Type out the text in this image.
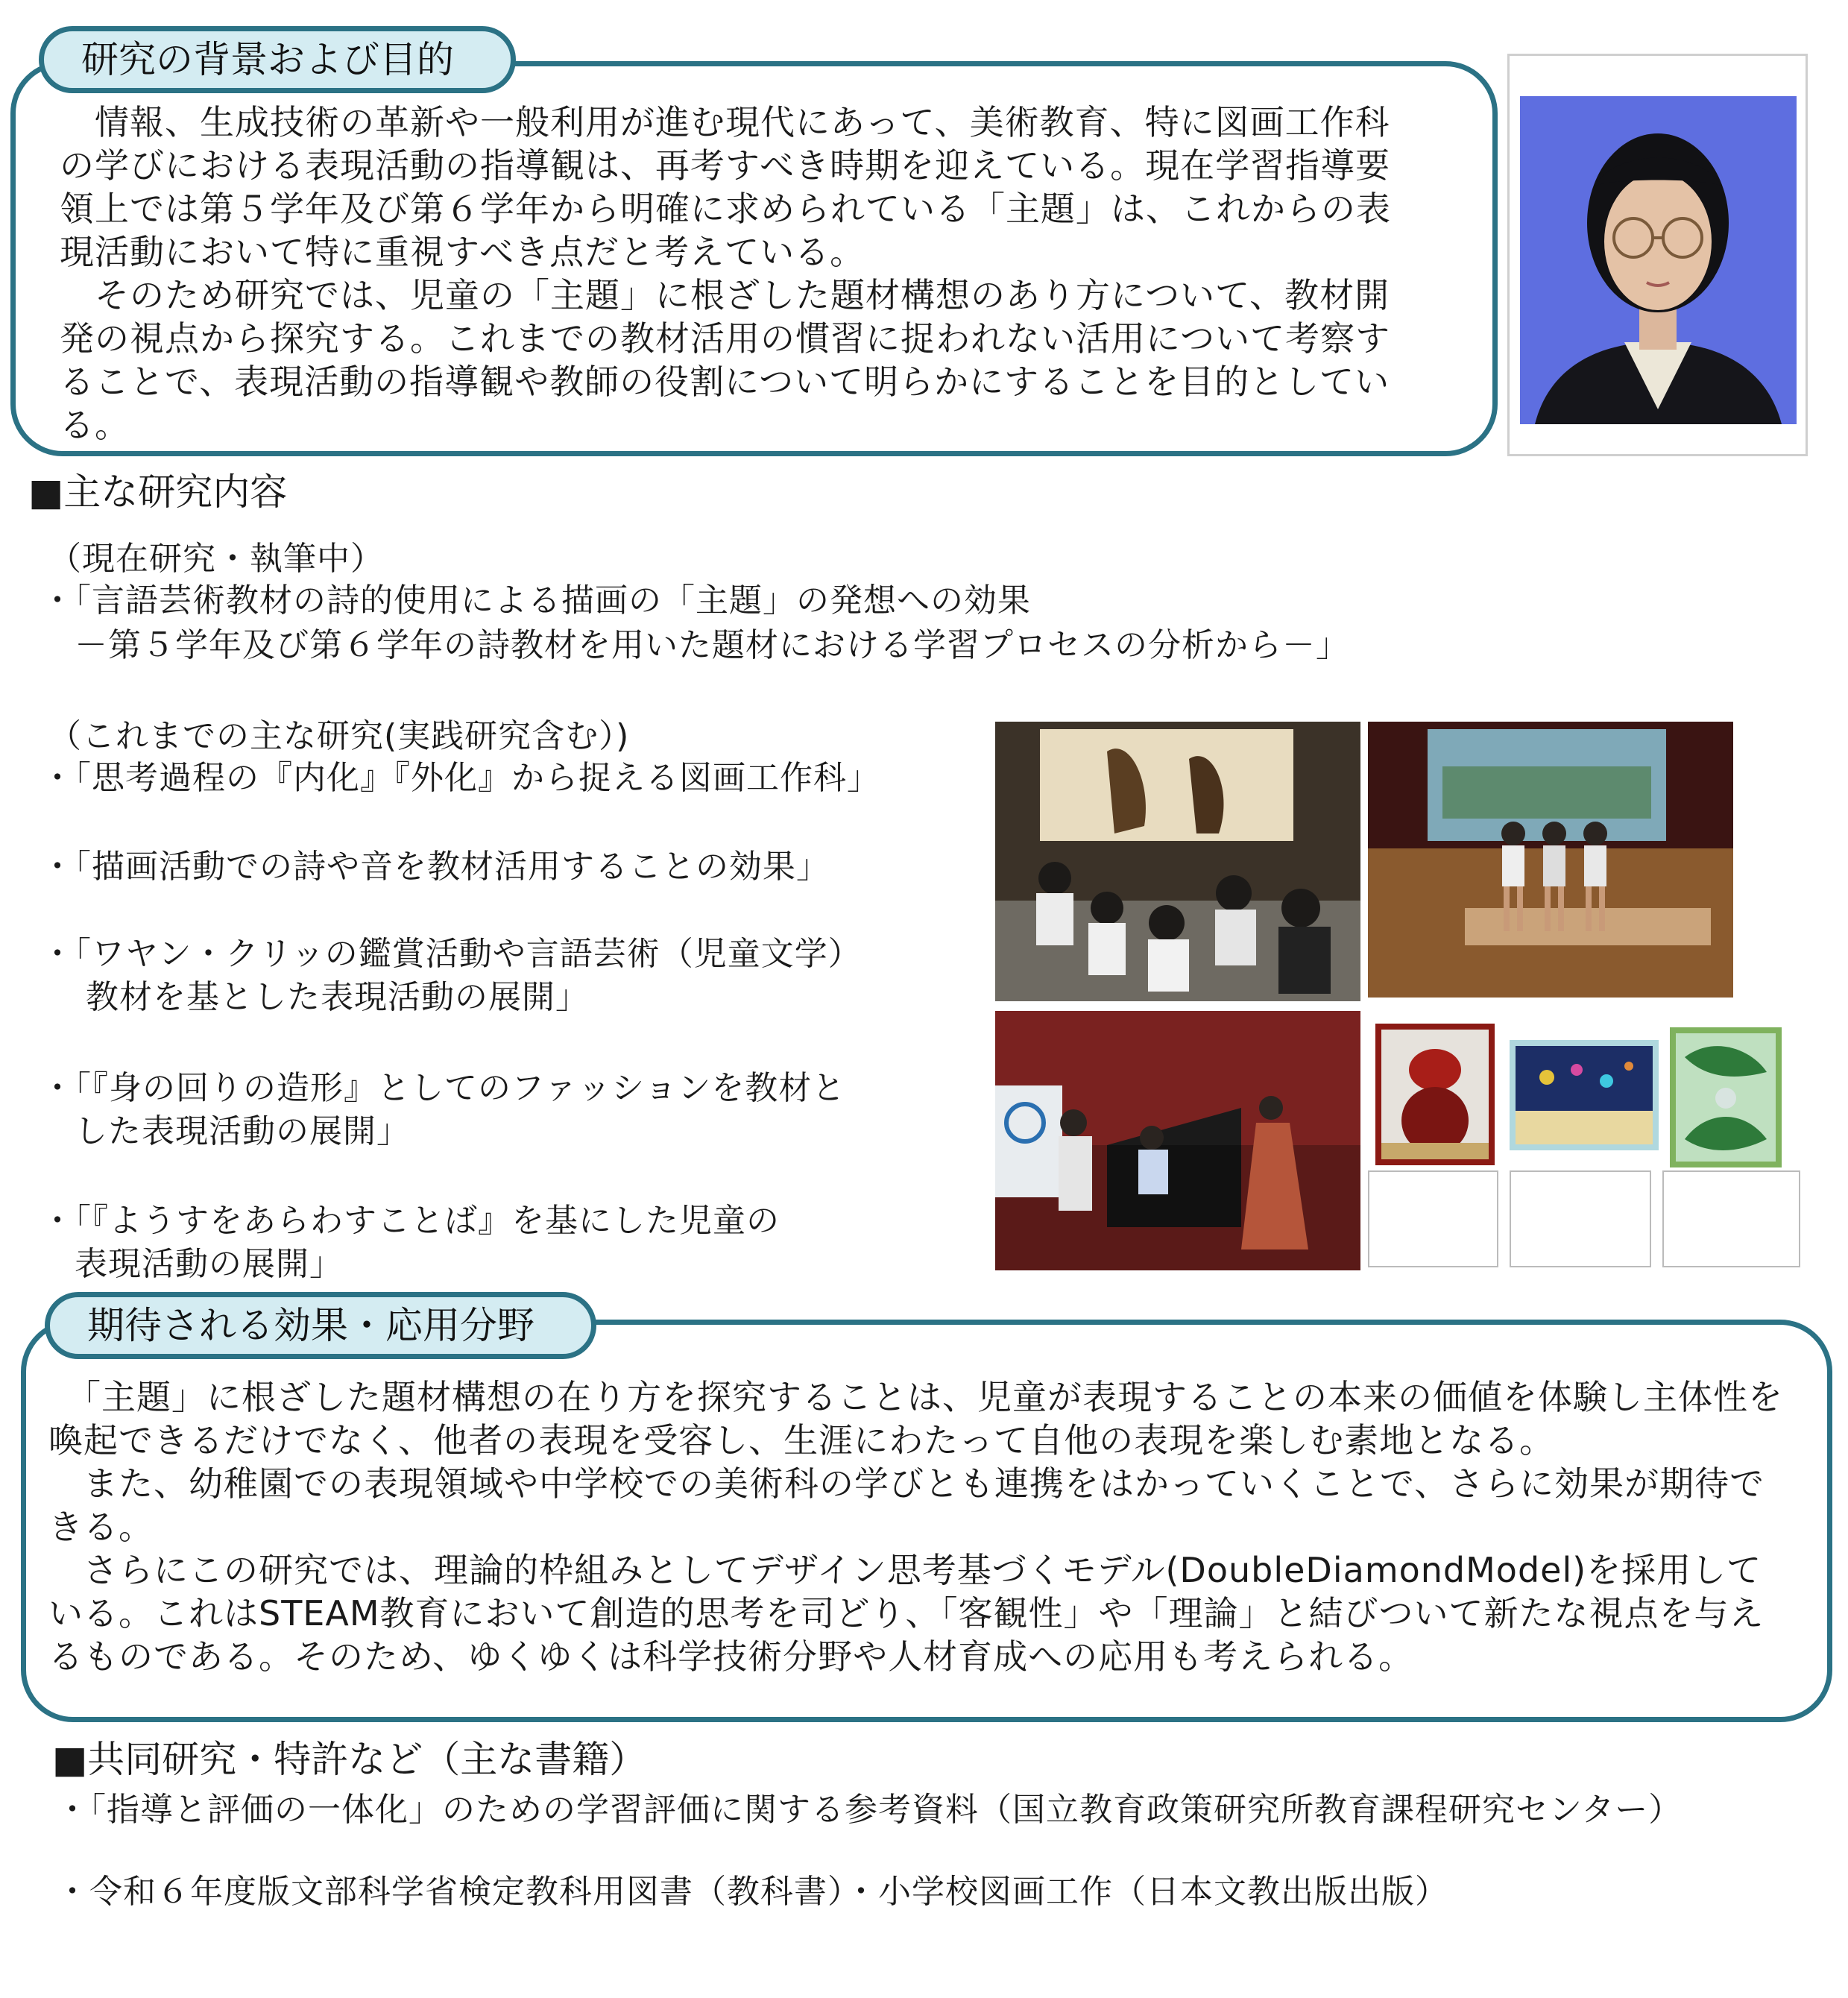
研究の背景および目的

　情報、生成技術の革新や一般利用が進む現代にあって、美術教育、特に図画工作科の学びにおける表現活動の指導観は、再考すべき時期を迎えている。現在学習指導要領上では第５学年及び第６学年から明確に求められている「主題」は、これからの表現活動において特に重視すべき点だと考えている。

　そのため研究では、児童の「主題」に根ざした題材構想のあり方について、教材開発の視点から探究する。これまでの教材活用の慣習に捉われない活用について考察することで、表現活動の指導観や教師の役割について明らかにすることを目的としている。

■主な研究内容
（現在研究・執筆中）
・「言語芸術教材の詩的使用による描画の「主題」の発想への効果
　－第５学年及び第６学年の詩教材を用いた題材における学習プロセスの分析から－」
（これまでの主な研究(実践研究含む）)
・「思考過程の『内化』『外化』から捉える図画工作科」
・「描画活動での詩や音を教材活用することの効果」
・「ワヤン・クリッの鑑賞活動や言語芸術（児童文学）
　 教材を基とした表現活動の展開」
・「『身の回りの造形』としてのファッションを教材と
　した表現活動の展開」
・「『ようすをあらわすことば』を基にした児童の
　表現活動の展開」
期待される効果・応用分野

　「主題」に根ざした題材構想の在り方を探究することは、児童が表現することの本来の価値を体験し主体性を喚起できるだけでなく、他者の表現を受容し、生涯にわたって自他の表現を楽しむ素地となる。

　また、幼稚園での表現領域や中学校での美術科の学びとも連携をはかっていくことで、さらに効果が期待できる。

　さらにこの研究では、理論的枠組みとしてデザイン思考基づくモデル(DoubleDiamondModel)を採用している。これはSTEAM教育において創造的思考を司どり、「客観性」や「理論」と結びついて新たな視点を与えるものである。そのため、ゆくゆくは科学技術分野や人材育成への応用も考えられる。

■共同研究・特許など（主な書籍）
・「指導と評価の一体化」のための学習評価に関する参考資料（国立教育政策研究所教育課程研究センター）
・令和６年度版文部科学省検定教科用図書（教科書）・小学校図画工作（日本文教出版出版）
